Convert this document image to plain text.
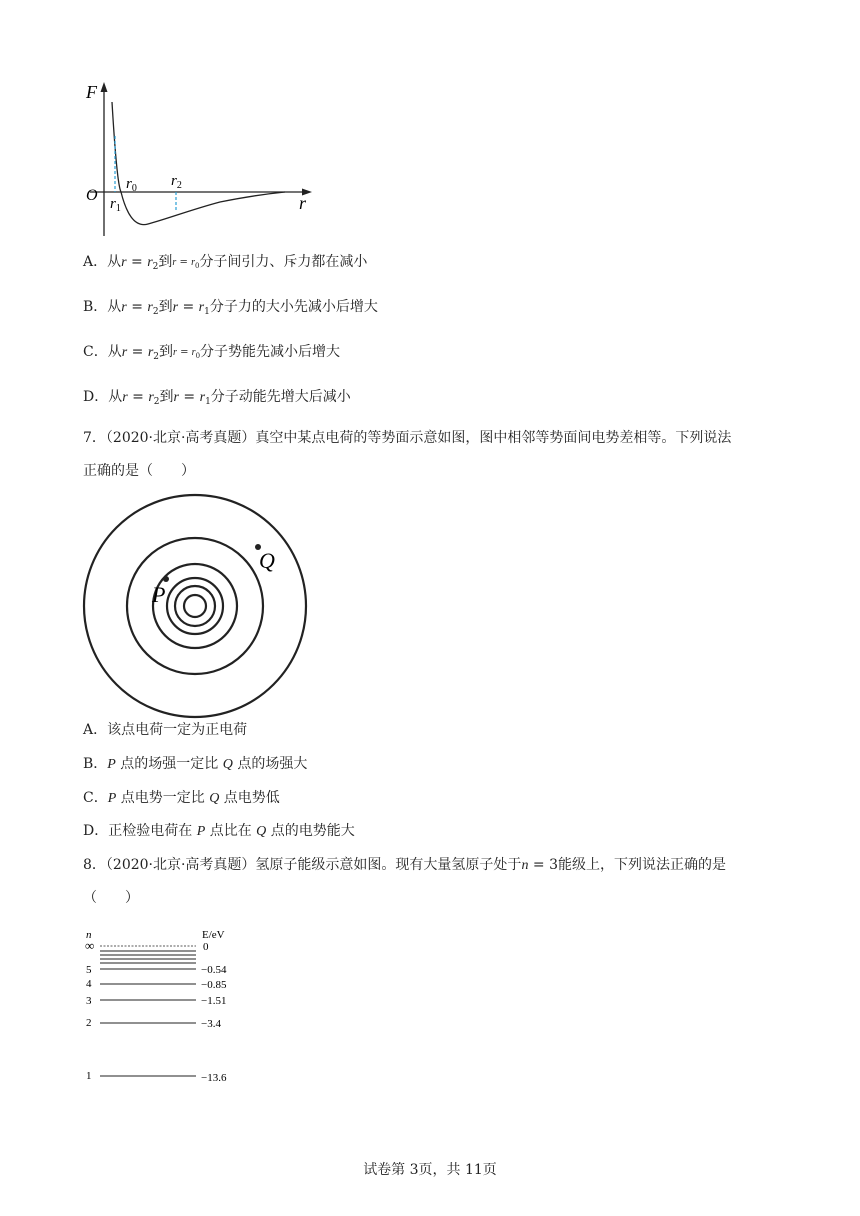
F
r
O
$r_0$
$r_1$
$r_2$
A．从$r = r_2$到$r = r_0$分子间引力、斥力都在减小
B．从$r = r_2$到$r = r_1$分子力的大小先减小后增大
C．从$r = r_2$到$r = r_0$分子势能先减小后增大
D．从$r = r_2$到$r = r_1$分子动能先增大后减小
7．（2020·北京·高考真题）真空中某点电荷的等势面示意如图，图中相邻等势面间电势差相等。下列说法
正确的是（　　）
P
Q
A．该点电荷一定为正电荷
B．P 点的场强一定比 Q 点的场强大
C．P 点电势一定比 Q 点电势低
D．正检验电荷在 P 点比在 Q 点的电势能大
8．（2020·北京·高考真题）氢原子能级示意如图。现有大量氢原子处于n = 3能级上，下列说法正确的是
（　　）
n	E/eV
∞	0
5	−0.54
4	−0.85
3	−1.51
2	−3.4
1	−13.6
试卷第 3页，共 11页
